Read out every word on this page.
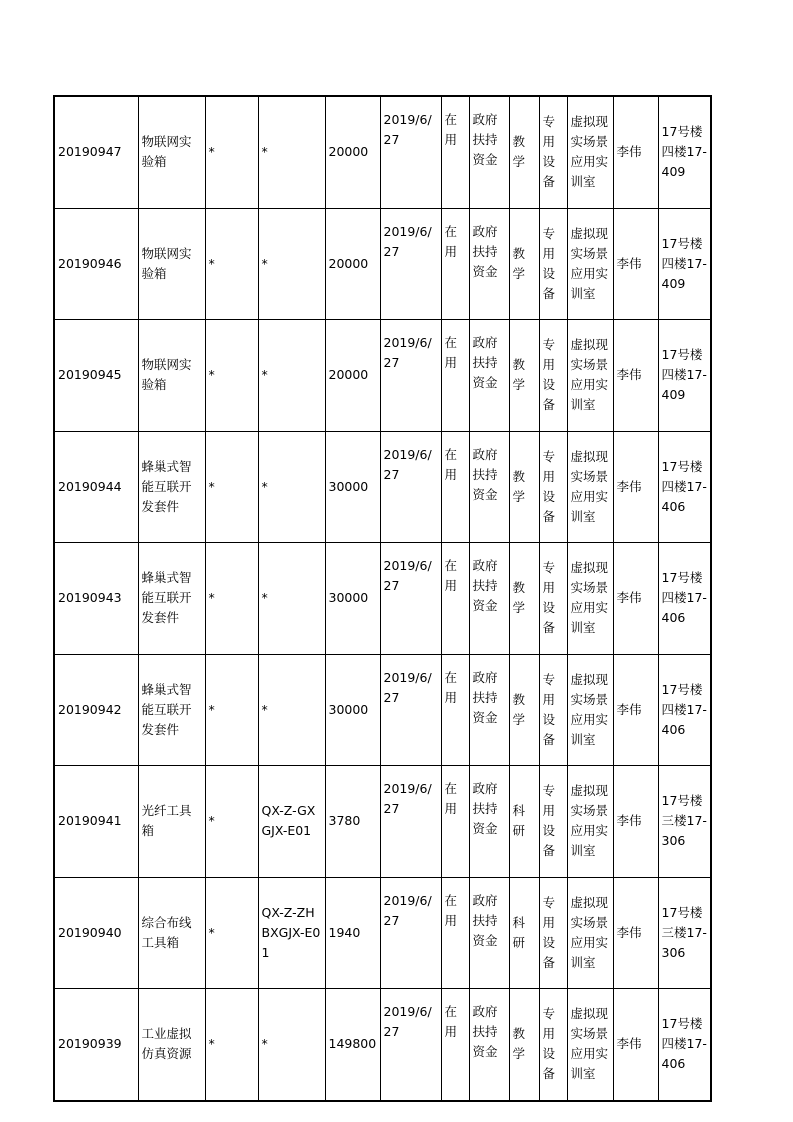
20190947	物联网实验箱	*	*	20000	2019/6/27	在用	政府扶持资金	教学	专用设备	虚拟现实场景应用实训室	李伟	17号楼四楼17-409
20190946	物联网实验箱	*	*	20000	2019/6/27	在用	政府扶持资金	教学	专用设备	虚拟现实场景应用实训室	李伟	17号楼四楼17-409
20190945	物联网实验箱	*	*	20000	2019/6/27	在用	政府扶持资金	教学	专用设备	虚拟现实场景应用实训室	李伟	17号楼四楼17-409
20190944	蜂巢式智能互联开发套件	*	*	30000	2019/6/27	在用	政府扶持资金	教学	专用设备	虚拟现实场景应用实训室	李伟	17号楼四楼17-406
20190943	蜂巢式智能互联开发套件	*	*	30000	2019/6/27	在用	政府扶持资金	教学	专用设备	虚拟现实场景应用实训室	李伟	17号楼四楼17-406
20190942	蜂巢式智能互联开发套件	*	*	30000	2019/6/27	在用	政府扶持资金	教学	专用设备	虚拟现实场景应用实训室	李伟	17号楼四楼17-406
20190941	光纤工具箱	*	QX-Z-GXGJX-E01	3780	2019/6/27	在用	政府扶持资金	科研	专用设备	虚拟现实场景应用实训室	李伟	17号楼三楼17-306
20190940	综合布线工具箱	*	QX-Z-ZHBXGJX-E01	1940	2019/6/27	在用	政府扶持资金	科研	专用设备	虚拟现实场景应用实训室	李伟	17号楼三楼17-306
20190939	工业虚拟仿真资源	*	*	149800	2019/6/27	在用	政府扶持资金	教学	专用设备	虚拟现实场景应用实训室	李伟	17号楼四楼17-406
